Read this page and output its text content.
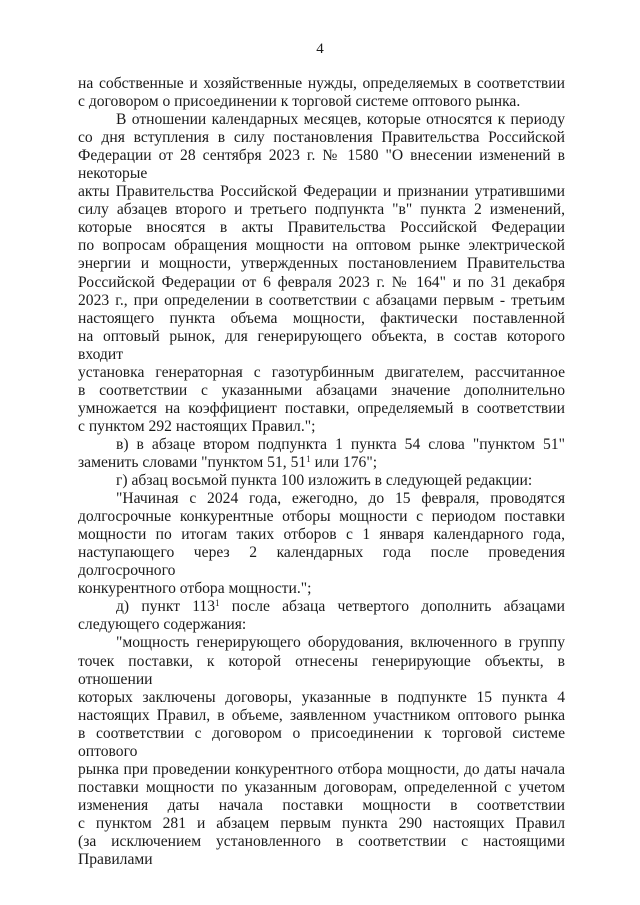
4

на собственные и хозяйственные нужды, определяемых в соответствии

с договором о присоединении к торговой системе оптового рынка.

В отношении календарных месяцев, которые относятся к периоду

со дня вступления в силу постановления Правительства Российской

Федерации от 28 сентября 2023 г. № 1580 "О внесении изменений в некоторые

акты Правительства Российской Федерации и признании утратившими

силу абзацев второго и третьего подпункта "в" пункта 2 изменений,

которые вносятся в акты Правительства Российской Федерации

по вопросам обращения мощности на оптовом рынке электрической

энергии и мощности, утвержденных постановлением Правительства

Российской Федерации от 6 февраля 2023 г. № 164" и по 31 декабря

2023 г., при определении в соответствии с абзацами первым - третьим

настоящего пункта объема мощности, фактически поставленной

на оптовый рынок, для генерирующего объекта, в состав которого входит

установка генераторная с газотурбинным двигателем, рассчитанное

в соответствии с указанными абзацами значение дополнительно

умножается на коэффициент поставки, определяемый в соответствии

с пунктом 292 настоящих Правил.";

в) в абзаце втором подпункта 1 пункта 54 слова "пунктом 51"

заменить словами "пунктом 51, $51^1$ или 176";

г) абзац восьмой пункта 100 изложить в следующей редакции:

"Начиная с 2024 года, ежегодно, до 15 февраля, проводятся

долгосрочные конкурентные отборы мощности с периодом поставки

мощности по итогам таких отборов с 1 января календарного года,

наступающего через 2 календарных года после проведения долгосрочного

конкурентного отбора мощности.";

д) пункт $113^1$ после абзаца четвертого дополнить абзацами

следующего содержания:

"мощность генерирующего оборудования, включенного в группу

точек поставки, к которой отнесены генерирующие объекты, в отношении

которых заключены договоры, указанные в подпункте 15 пункта 4

настоящих Правил, в объеме, заявленном участником оптового рынка

в соответствии с договором о присоединении к торговой системе оптового

рынка при проведении конкурентного отбора мощности, до даты начала

поставки мощности по указанным договорам, определенной с учетом

изменения даты начала поставки мощности в соответствии

с пунктом 281 и абзацем первым пункта 290 настоящих Правил

(за исключением установленного в соответствии с настоящими Правилами
